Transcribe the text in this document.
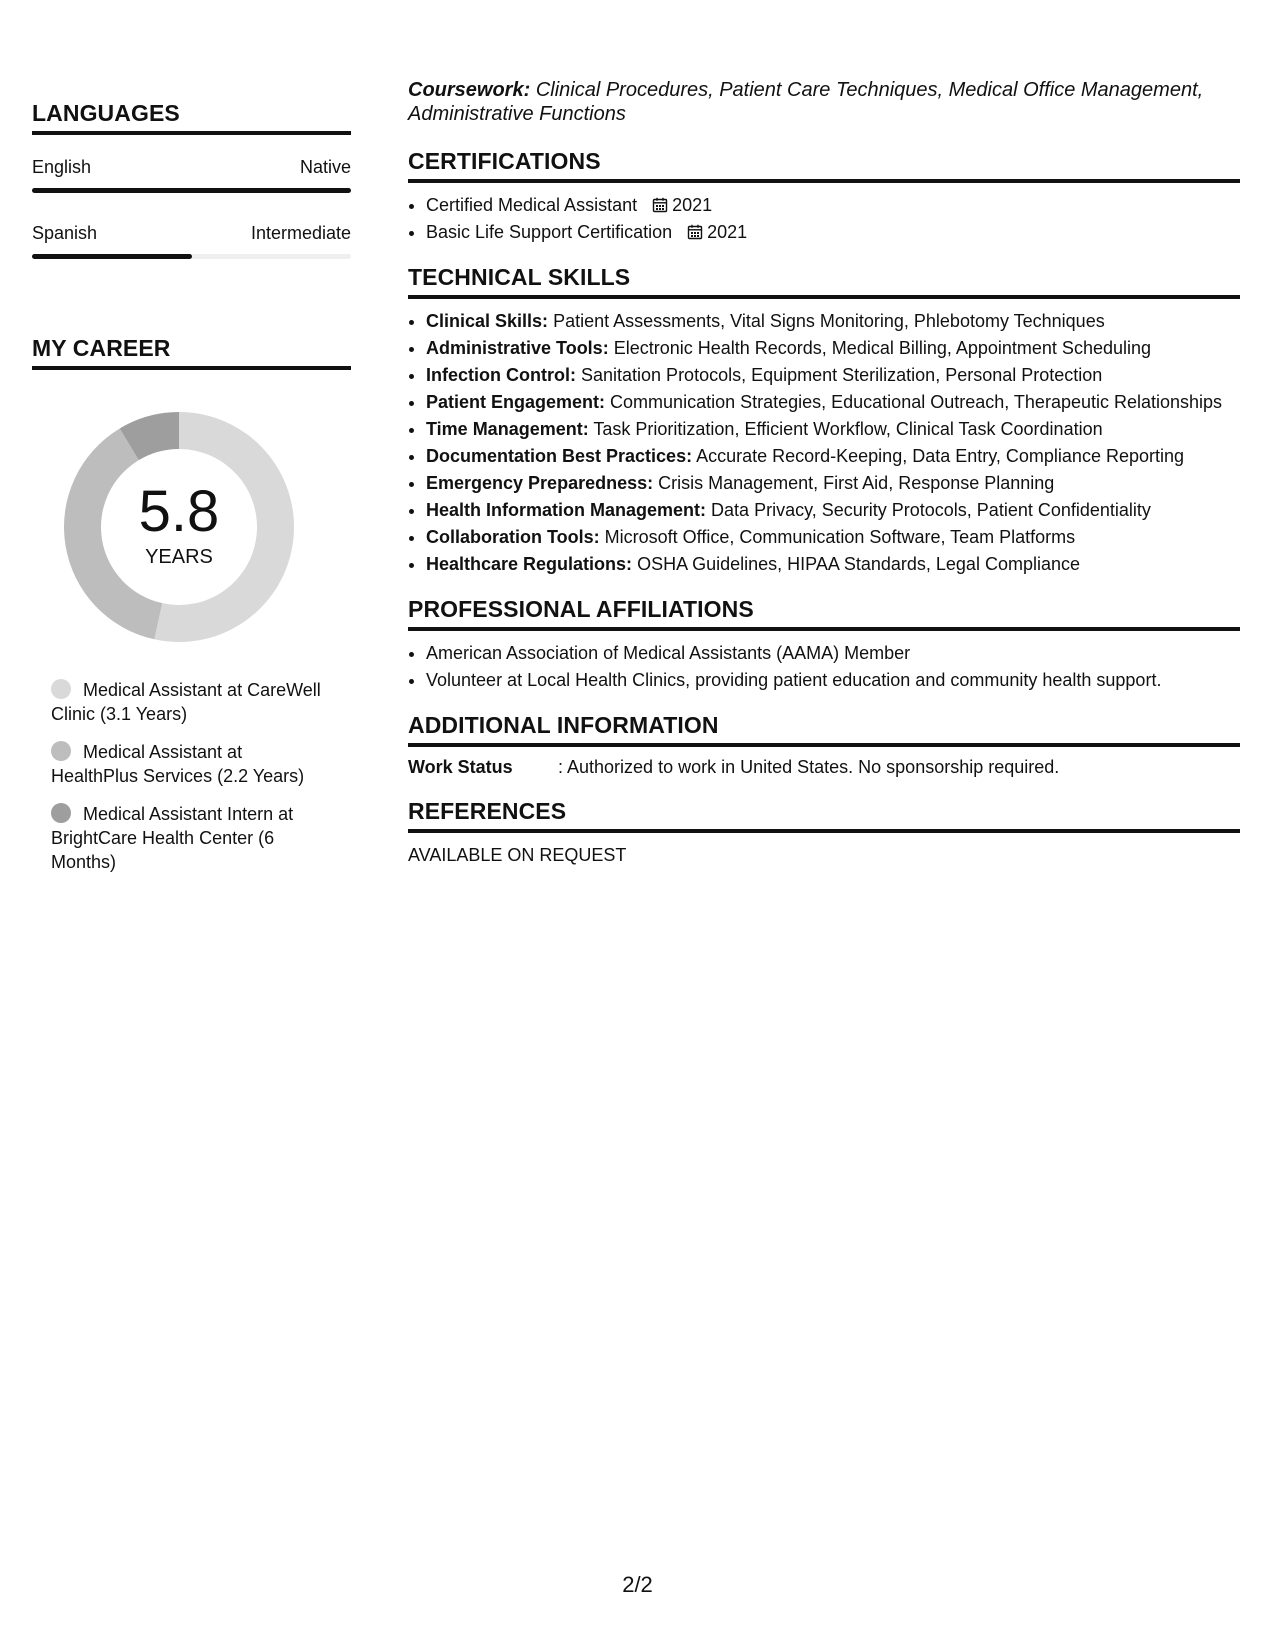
LANGUAGES
English	Native
Spanish	Intermediate
MY CAREER
5.8
YEARS
Medical Assistant at CareWell Clinic (3.1 Years)
Medical Assistant at HealthPlus Services (2.2 Years)
Medical Assistant Intern at BrightCare Health Center (6 Months)

Coursework: Clinical Procedures, Patient Care Techniques, Medical Office Management, Administrative Functions

CERTIFICATIONS
• Certified Medical Assistant 2021
• Basic Life Support Certification 2021
TECHNICAL SKILLS
• Clinical Skills: Patient Assessments, Vital Signs Monitoring, Phlebotomy Techniques
• Administrative Tools: Electronic Health Records, Medical Billing, Appointment Scheduling
• Infection Control: Sanitation Protocols, Equipment Sterilization, Personal Protection
• Patient Engagement: Communication Strategies, Educational Outreach, Therapeutic Relationships
• Time Management: Task Prioritization, Efficient Workflow, Clinical Task Coordination
• Documentation Best Practices: Accurate Record-Keeping, Data Entry, Compliance Reporting
• Emergency Preparedness: Crisis Management, First Aid, Response Planning
• Health Information Management: Data Privacy, Security Protocols, Patient Confidentiality
• Collaboration Tools: Microsoft Office, Communication Software, Team Platforms
• Healthcare Regulations: OSHA Guidelines, HIPAA Standards, Legal Compliance
PROFESSIONAL AFFILIATIONS
• American Association of Medical Assistants (AAMA) Member
• Volunteer at Local Health Clinics, providing patient education and community health support.
ADDITIONAL INFORMATION
Work Status	: Authorized to work in United States. No sponsorship required.
REFERENCES
AVAILABLE ON REQUEST
2/2
